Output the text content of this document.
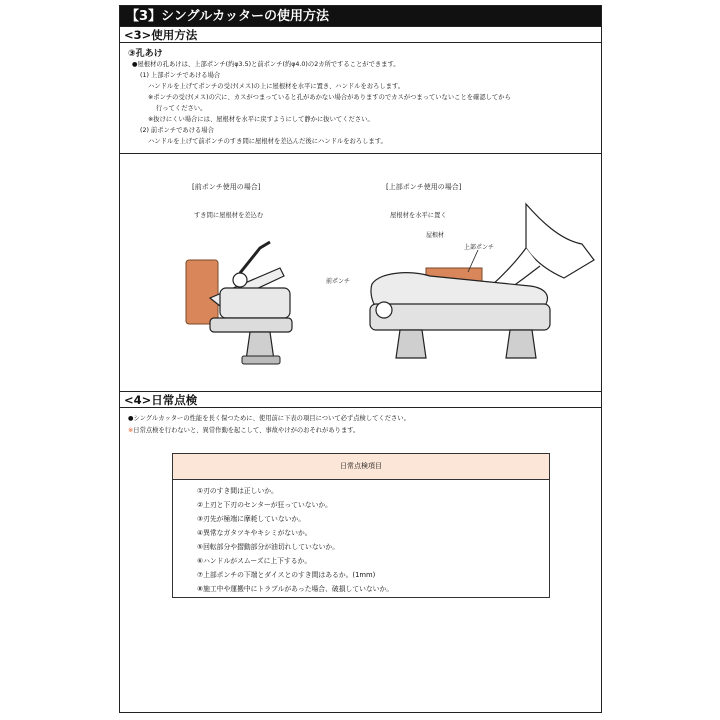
【3】シングルカッターの使用方法
<3>使用方法
③孔あけ
●屋根材の孔あけは、上部ポンチ(約φ3.5)と前ポンチ(約φ4.0)の2カ所ですることができます。
(1) 上部ポンチであける場合
ハンドルを上げてポンチの受け(メス)の上に屋根材を水平に置き、ハンドルをおろします。
※ポンチの受け(メス)の穴に、カスがつまっていると孔があかない場合がありますのでカスがつまっていないことを確認してから
行ってください。
※抜けにくい場合には、屋根材を水平に戻すようにして静かに抜いてください。
(2) 前ポンチであける場合
ハンドルを上げて前ポンチのすき間に屋根材を差込んだ後にハンドルをおろします。
[前ポンチ使用の場合]
すき間に屋根材を差込む
[上部ポンチ使用の場合]
屋根材を水平に置く
屋根材
上部ポンチ
前ポンチ
<4>日常点検
●シングルカッターの性能を長く保つために、使用前に下表の項目について必ず点検してください。
※日常点検を行わないと、異常作動を起こして、事故やけがのおそれがあります。
日常点検項目
①刃のすき間は正しいか。
②上刃と下刃のセンターが狂っていないか。
③刃先が極端に摩耗していないか。
④異常なガタツキやキシミがないか。
⑤回転部分や摺動部分が油切れしていないか。
⑥ハンドルがスムーズに上下するか。
⑦上部ポンチの下端とダイスとのすき間はあるか。(1mm)
⑧施工中や運搬中にトラブルがあった場合、破損していないか。
